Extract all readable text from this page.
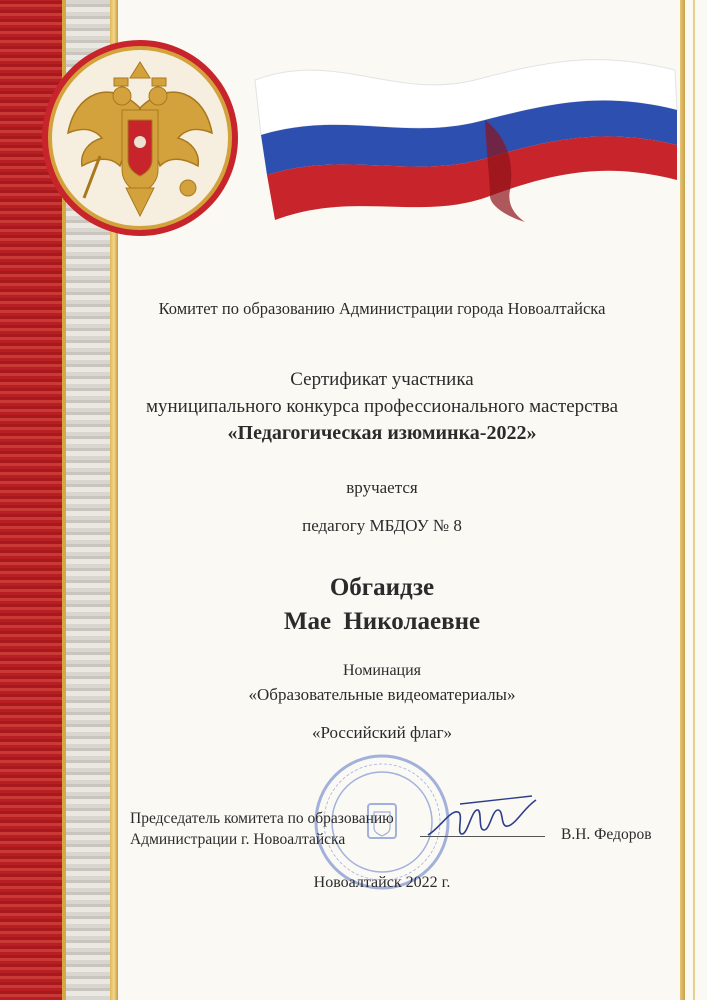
Комитет по образованию Администрации города Новоалтайска
Сертификат участника
муниципального конкурса профессионального мастерства
«Педагогическая изюминка-2022»
вручается
педагогу МБДОУ № 8
Обгаидзе
Мае Николаевне
Номинация
«Образовательные видеоматериалы»
«Российский флаг»
Председатель комитета по образованию
Администрации г. Новоалтайска	В.Н. Федоров
Новоалтайск 2022 г.
